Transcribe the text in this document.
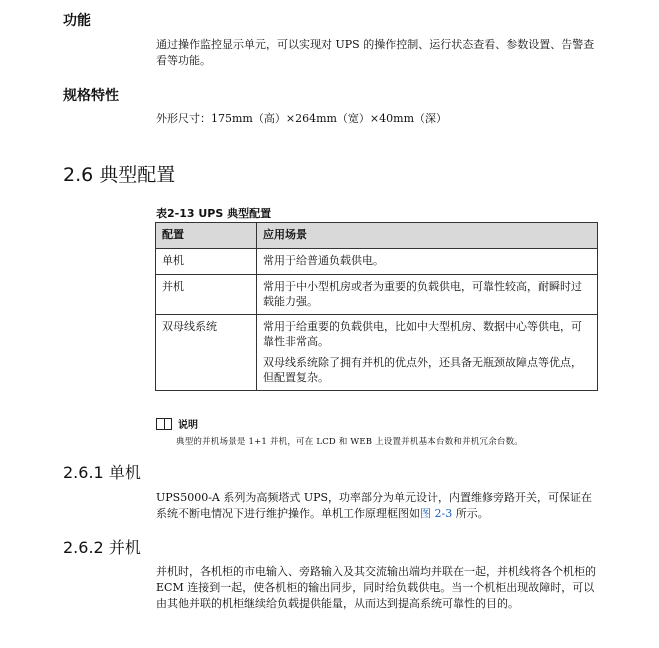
功能
通过操作监控显示单元，可以实现对 UPS 的操作控制、运行状态查看、参数设置、告警查看等功能。
规格特性
外形尺寸：175mm（高）×264mm（宽）×40mm（深）
2.6 典型配置
表2-13 UPS 典型配置
配置	应用场景
单机	常用于给普通负载供电。

并机	常用于中小型机房或者为重要的负载供电，可靠性较高，耐瞬时过载能力强。

双母线系统	常用于给重要的负载供电，比如中大型机房、数据中心等供电，可靠性非常高。

双母线系统除了拥有并机的优点外，还具备无瓶颈故障点等优点，但配置复杂。

说明
典型的并机场景是 1+1 并机，可在 LCD 和 WEB 上设置并机基本台数和并机冗余台数。
2.6.1 单机
UPS5000-A 系列为高频塔式 UPS，功率部分为单元设计，内置维修旁路开关，可保证在系统不断电情况下进行维护操作。单机工作原理框图如图 2-3 所示。
2.6.2 并机
并机时，各机柜的市电输入、旁路输入及其交流输出端均并联在一起，并机线将各个机柜的 ECM 连接到一起，使各机柜的输出同步，同时给负载供电。当一个机柜出现故障时，可以由其他并联的机柜继续给负载提供能量，从而达到提高系统可靠性的目的。
